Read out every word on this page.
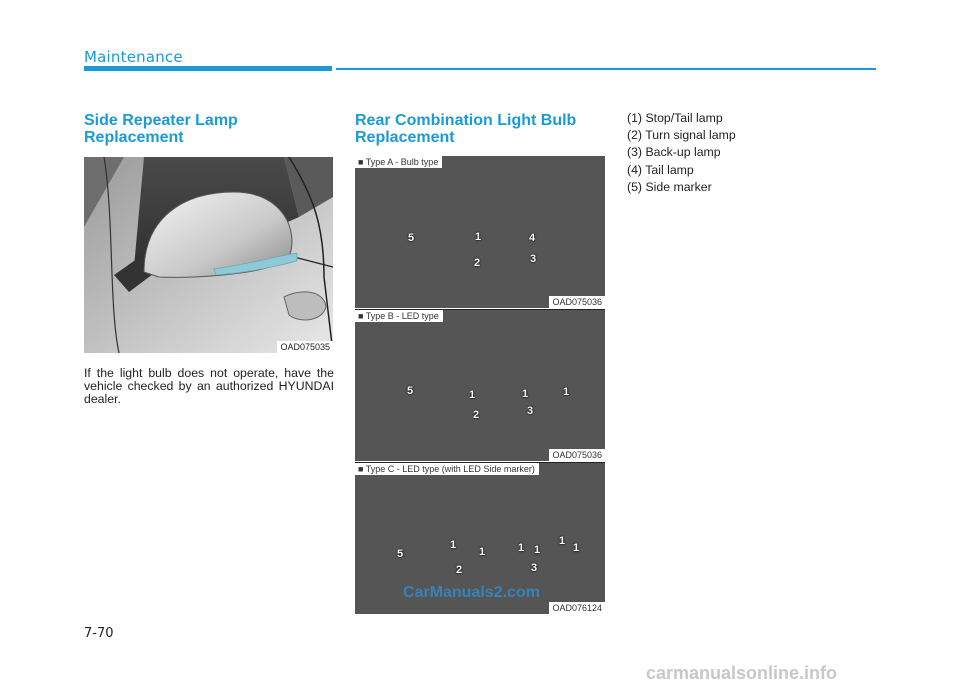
Maintenance
Side Repeater Lamp
Replacement
OAD075035
If the light bulb does not operate, have the vehicle checked by an authorized HYUNDAI dealer.
Rear Combination Light Bulb
Replacement
■ Type A - Bulb type
5	1	4
2	3
OAD075036
■ Type B - LED type
5	1	1	1
2	3
OAD075036
■ Type C - LED type (with LED Side marker)
5
1
1	1 1
1
1
2	3
OAD076124
(1) Stop/Tail lamp
(2) Turn signal lamp
(3) Back-up lamp
(4) Tail lamp
(5) Side marker
CarManuals2.com
7-70
carmanualsonline.info
